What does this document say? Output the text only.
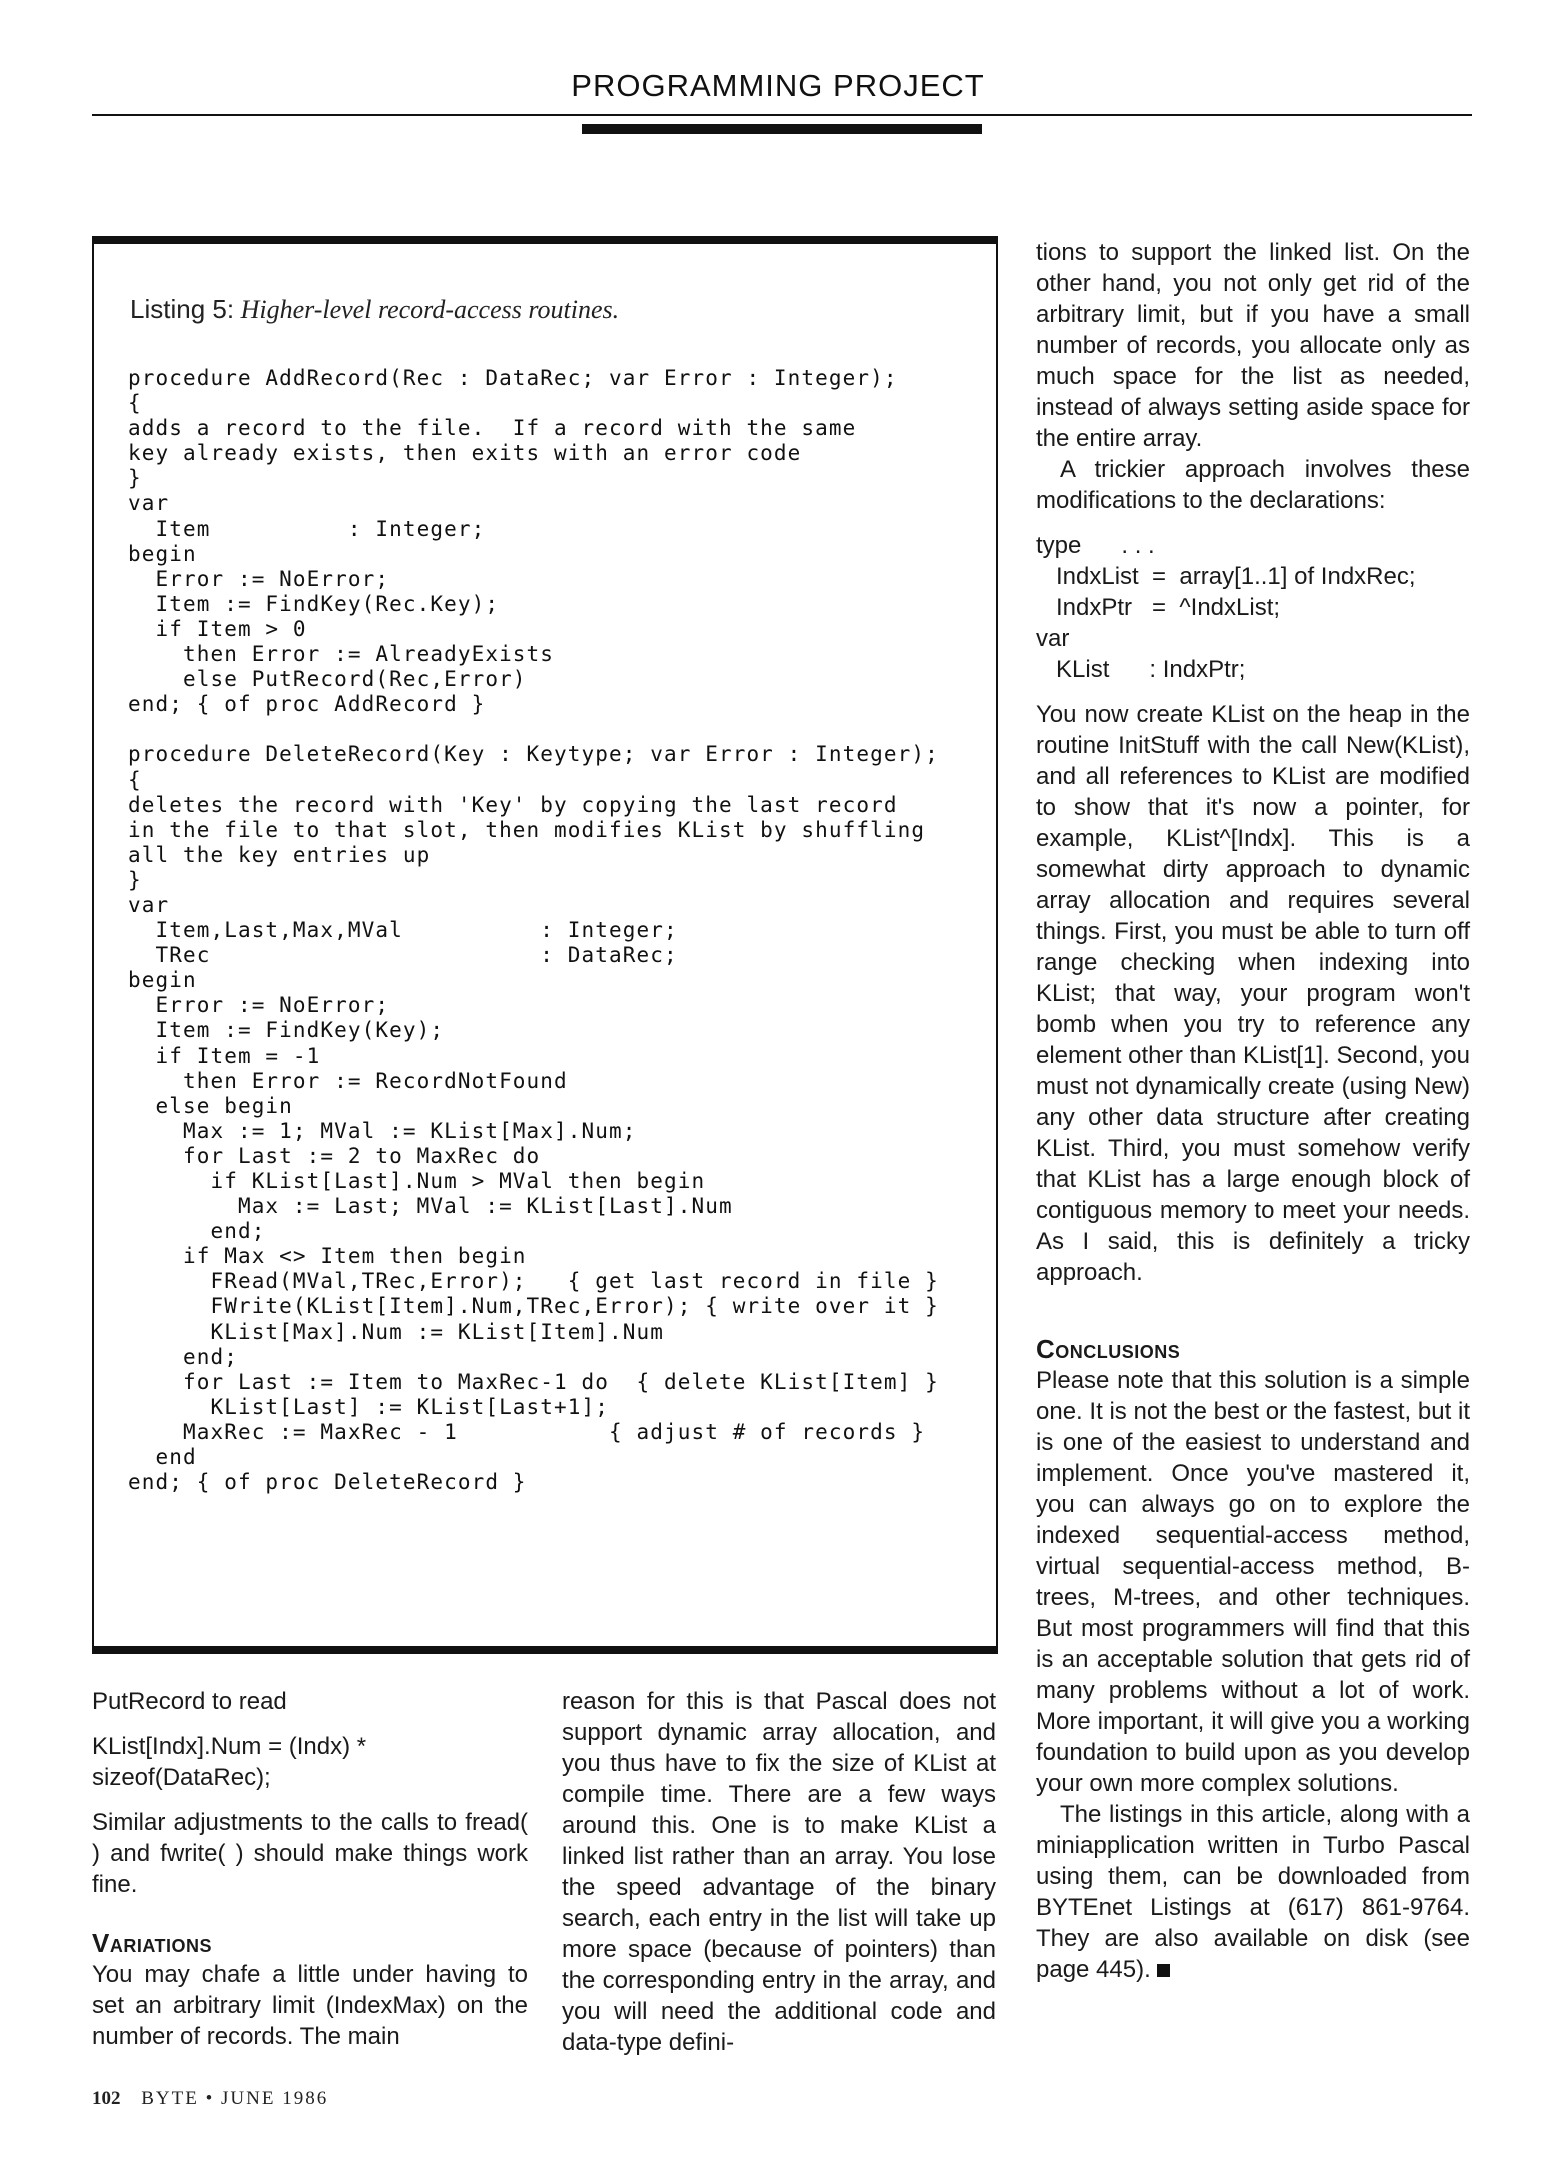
PROGRAMMING PROJECT
Listing 5: Higher-level record-access routines.
procedure AddRecord(Rec : DataRec; var Error : Integer);
{
adds a record to the file.  If a record with the same
key already exists, then exits with an error code
}
var
Item          : Integer;
begin
Error := NoError;
Item := FindKey(Rec.Key);
if Item > 0
then Error := AlreadyExists
else PutRecord(Rec,Error)
end; { of proc AddRecord }

procedure DeleteRecord(Key : Keytype; var Error : Integer);
{
deletes the record with 'Key' by copying the last record
in the file to that slot, then modifies KList by shuffling
all the key entries up
}
var
Item,Last,Max,MVal          : Integer;
TRec                        : DataRec;
begin
Error := NoError;
Item := FindKey(Key);
if Item = -1
then Error := RecordNotFound
else begin
Max := 1; MVal := KList[Max].Num;
for Last := 2 to MaxRec do
if KList[Last].Num > MVal then begin
Max := Last; MVal := KList[Last].Num
end;
if Max <> Item then begin
FRead(MVal,TRec,Error);   { get last record in file }
FWrite(KList[Item].Num,TRec,Error); { write over it }
KList[Max].Num := KList[Item].Num
end;
for Last := Item to MaxRec-1 do  { delete KList[Item] }
KList[Last] := KList[Last+1];
MaxRec := MaxRec - 1           { adjust # of records }
end
end; { of proc DeleteRecord }

PutRecord to read

KList[Indx].Num = (Indx) *

sizeof(DataRec);

Similar adjustments to the calls to fread( ) and fwrite( ) should make things work fine.

Variations

You may chafe a little under having to set an arbitrary limit (IndexMax) on the number of records. The main

reason for this is that Pascal does not support dynamic array allocation, and you thus have to fix the size of KList at compile time. There are a few ways around this. One is to make KList a linked list rather than an array. You lose the speed advantage of the binary search, each entry in the list will take up more space (because of pointers) than the corresponding entry in the array, and you will need the additional code and data-type defini-

tions to support the linked list. On the other hand, you not only get rid of the arbitrary limit, but if you have a small number of records, you allocate only as much space for the list as needed, instead of always setting aside space for the entire array.

A trickier approach involves these modifications to the declarations:

type      . . .

IndxList  =  array[1..1] of IndxRec;

IndxPtr   =  ^IndxList;

var

KList      : IndxPtr;

You now create KList on the heap in the routine InitStuff with the call New(KList), and all references to KList are modified to show that it's now a pointer, for example, KList^[Indx]. This is a somewhat dirty approach to dynamic array allocation and requires several things. First, you must be able to turn off range checking when indexing into KList; that way, your program won't bomb when you try to reference any element other than KList[1]. Second, you must not dynamically create (using New) any other data structure after creating KList. Third, you must somehow verify that KList has a large enough block of contiguous memory to meet your needs. As I said, this is definitely a tricky approach.

Conclusions

Please note that this solution is a simple one. It is not the best or the fastest, but it is one of the easiest to understand and implement. Once you've mastered it, you can always go on to explore the indexed sequential-access method, virtual sequential-access method, B-trees, M-trees, and other techniques. But most programmers will find that this is an acceptable solution that gets rid of many problems without a lot of work. More important, it will give you a working foundation to build upon as you develop your own more complex solutions.

The listings in this article, along with a miniapplication written in Turbo Pascal using them, can be downloaded from BYTEnet Listings at (617) 861-9764. They are also available on disk (see page 445).

102 BYTE • JUNE 1986
